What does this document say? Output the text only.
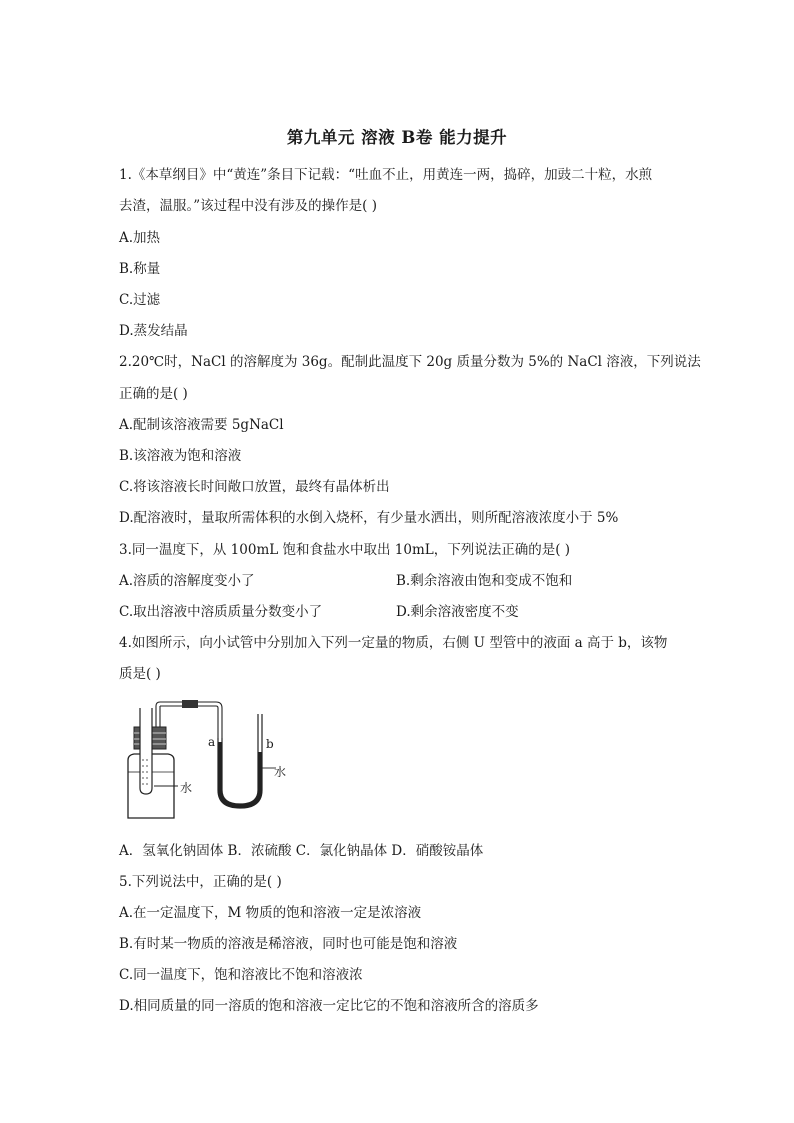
第九单元 溶液 B卷 能力提升
1.《本草纲目》中“黄连”条目下记载：“吐血不止，用黄连一两，捣碎，加豉二十粒，水煎
去渣，温服。”该过程中没有涉及的操作是( )
A.加热
B.称量
C.过滤
D.蒸发结晶
2.20℃时，NaCl 的溶解度为 36g。配制此温度下 20g 质量分数为 5%的 NaCl 溶液，下列说法
正确的是( )
A.配制该溶液需要 5gNaCl
B.该溶液为饱和溶液
C.将该溶液长时间敞口放置，最终有晶体析出
D.配溶液时，量取所需体积的水倒入烧杯，有少量水洒出，则所配溶液浓度小于 5%
3.同一温度下，从 100mL 饱和食盐水中取出 10mL，下列说法正确的是( )
A.溶质的溶解度变小了	B.剩余溶液由饱和变成不饱和
C.取出溶液中溶质质量分数变小了	D.剩余溶液密度不变
4.如图所示，向小试管中分别加入下列一定量的物质，右侧 U 型管中的液面 a 高于 b，该物
质是( )
a	b
水
水
A．氢氧化钠固体 B．浓硫酸 C．氯化钠晶体 D．硝酸铵晶体
5.下列说法中，正确的是( )
A.在一定温度下，M 物质的饱和溶液一定是浓溶液
B.有时某一物质的溶液是稀溶液，同时也可能是饱和溶液
C.同一温度下，饱和溶液比不饱和溶液浓
D.相同质量的同一溶质的饱和溶液一定比它的不饱和溶液所含的溶质多
